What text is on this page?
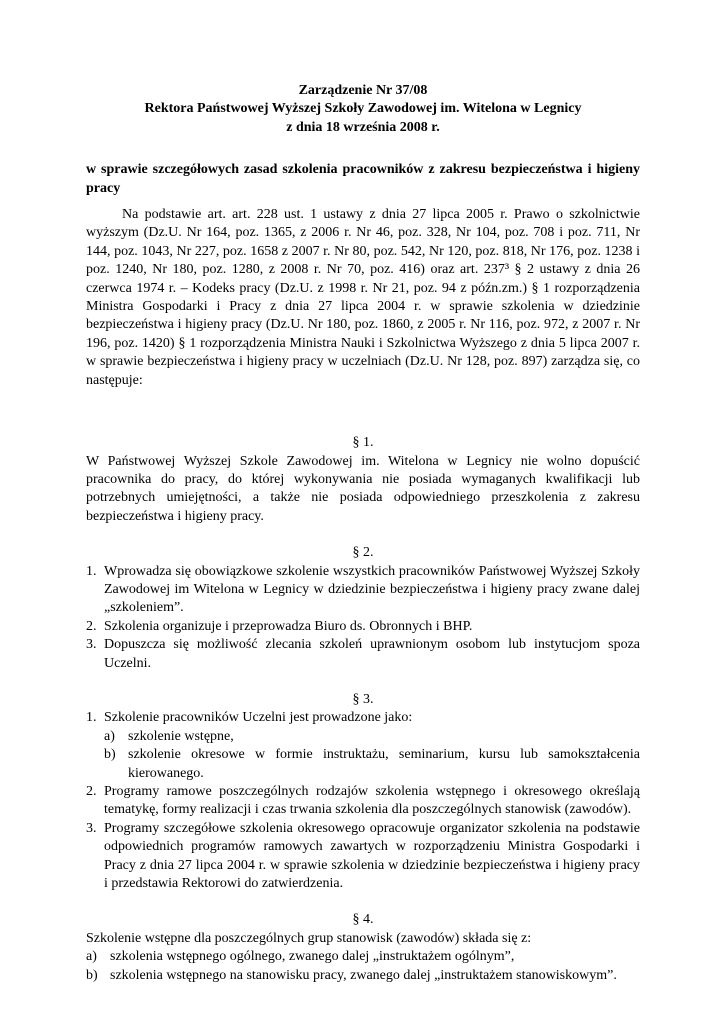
Zarządzenie Nr 37/08
Rektora Państwowej Wyższej Szkoły Zawodowej im. Witelona w Legnicy
z dnia 18 września 2008 r.
w sprawie szczegółowych zasad szkolenia pracowników z zakresu bezpieczeństwa i higieny pracy
Na podstawie art. art. 228 ust. 1 ustawy z dnia 27 lipca 2005 r. Prawo o szkolnictwie wyższym (Dz.U. Nr 164, poz. 1365, z 2006 r. Nr 46, poz. 328, Nr 104, poz. 708 i poz. 711, Nr 144, poz. 1043, Nr 227, poz. 1658 z 2007 r. Nr 80, poz. 542, Nr 120, poz. 818, Nr 176, poz. 1238 i poz. 1240, Nr 180, poz. 1280, z 2008 r. Nr 70, poz. 416) oraz art. 237³ § 2 ustawy z dnia 26 czerwca 1974 r. – Kodeks pracy (Dz.U. z 1998 r. Nr 21, poz. 94 z późn.zm.) § 1 rozporządzenia Ministra Gospodarki i Pracy z dnia 27 lipca 2004 r. w sprawie szkolenia w dziedzinie bezpieczeństwa i higieny pracy (Dz.U. Nr 180, poz. 1860, z 2005 r. Nr 116, poz. 972, z 2007 r. Nr 196, poz. 1420) § 1 rozporządzenia Ministra Nauki i Szkolnictwa Wyższego z dnia 5 lipca 2007 r. w sprawie bezpieczeństwa i higieny pracy w uczelniach (Dz.U. Nr 128, poz. 897) zarządza się, co następuje:
§ 1.

W Państwowej Wyższej Szkole Zawodowej im. Witelona w Legnicy nie wolno dopuścić pracownika do pracy, do której wykonywania nie posiada wymaganych kwalifikacji lub potrzebnych umiejętności, a także nie posiada odpowiedniego przeszkolenia z zakresu bezpieczeństwa i higieny pracy.

§ 2.
1. Wprowadza się obowiązkowe szkolenie wszystkich pracowników Państwowej Wyższej Szkoły Zawodowej im Witelona w Legnicy w dziedzinie bezpieczeństwa i higieny pracy zwane dalej „szkoleniem”.
2. Szkolenia organizuje i przeprowadza Biuro ds. Obronnych i BHP.
3. Dopuszcza się możliwość zlecania szkoleń uprawnionym osobom lub instytucjom spoza Uczelni.
§ 3.
1. Szkolenie pracowników Uczelni jest prowadzone jako:
a) szkolenie wstępne,
b) szkolenie okresowe w formie instruktażu, seminarium, kursu lub samokształcenia kierowanego.
2. Programy ramowe poszczególnych rodzajów szkolenia wstępnego i okresowego określają tematykę, formy realizacji i czas trwania szkolenia dla poszczególnych stanowisk (zawodów).
3. Programy szczegółowe szkolenia okresowego opracowuje organizator szkolenia na podstawie odpowiednich programów ramowych zawartych w rozporządzeniu Ministra Gospodarki i Pracy z dnia 27 lipca 2004 r. w sprawie szkolenia w dziedzinie bezpieczeństwa i higieny pracy i przedstawia Rektorowi do zatwierdzenia.
§ 4.
Szkolenie wstępne dla poszczególnych grup stanowisk (zawodów) składa się z:
a) szkolenia wstępnego ogólnego, zwanego dalej „instruktażem ogólnym”,
b) szkolenia wstępnego na stanowisku pracy, zwanego dalej „instruktażem stanowiskowym”.
